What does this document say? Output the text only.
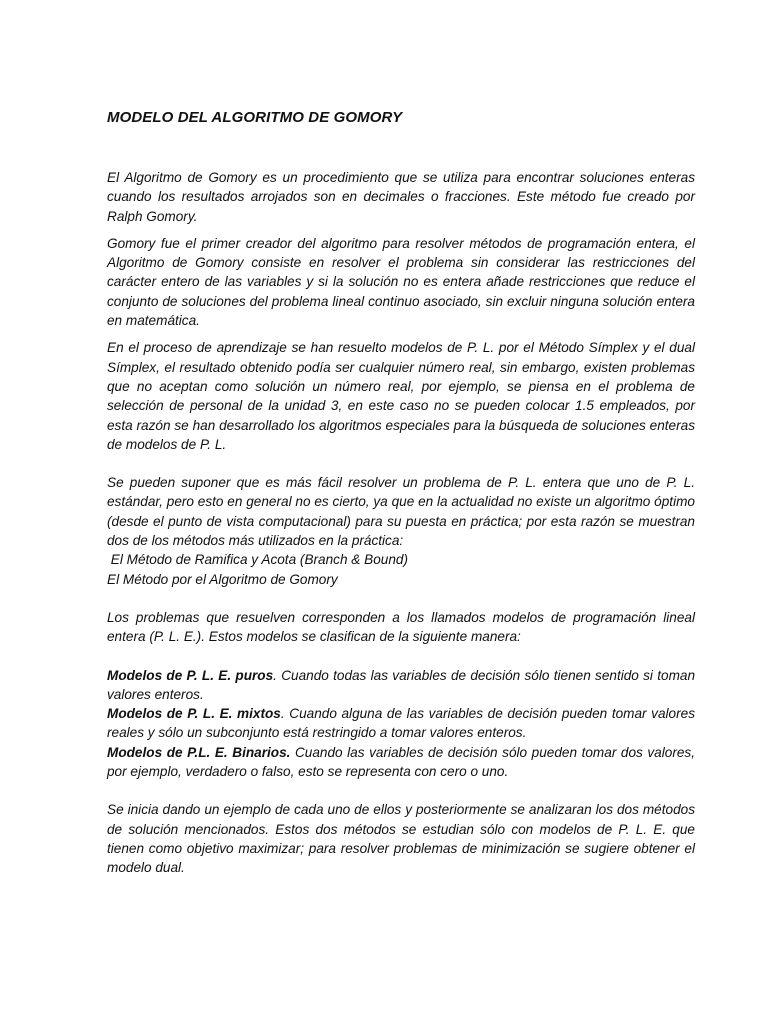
MODELO DEL ALGORITMO DE GOMORY

El Algoritmo de Gomory es un procedimiento que se utiliza para encontrar soluciones enteras cuando los resultados arrojados son en decimales o fracciones. Este método fue creado por Ralph Gomory.

Gomory fue el primer creador del algoritmo para resolver métodos de programación entera, el Algoritmo de Gomory consiste en resolver el problema sin considerar las restricciones del carácter entero de las variables y si la solución no es entera añade restricciones que reduce el conjunto de soluciones del problema lineal continuo asociado, sin excluir ninguna solución entera en matemática.

En el proceso de aprendizaje se han resuelto modelos de P. L. por el Método Símplex y el dual Símplex, el resultado obtenido podía ser cualquier número real, sin embargo, existen problemas que no aceptan como solución un número real, por ejemplo, se piensa en el problema de selección de personal de la unidad 3, en este caso no se pueden colocar 1.5 empleados, por esta razón se han desarrollado los algoritmos especiales para la búsqueda de soluciones enteras de modelos de P. L.

Se pueden suponer que es más fácil resolver un problema de P. L. entera que uno de P. L. estándar, pero esto en general no es cierto, ya que en la actualidad no existe un algoritmo óptimo (desde el punto de vista computacional) para su puesta en práctica; por esta razón se muestran dos de los métodos más utilizados en la práctica:
El Método de Ramifica y Acota (Branch & Bound)
El Método por el Algoritmo de Gomory

Los problemas que resuelven corresponden a los llamados modelos de programación lineal entera (P. L. E.). Estos modelos se clasifican de la siguiente manera:

Modelos de P. L. E. puros. Cuando todas las variables de decisión sólo tienen sentido si toman valores enteros.
Modelos de P. L. E. mixtos. Cuando alguna de las variables de decisión pueden tomar valores reales y sólo un subconjunto está restringido a tomar valores enteros.
Modelos de P.L. E. Binarios. Cuando las variables de decisión sólo pueden tomar dos valores, por ejemplo, verdadero o falso, esto se representa con cero o uno.

Se inicia dando un ejemplo de cada uno de ellos y posteriormente se analizaran los dos métodos de solución mencionados. Estos dos métodos se estudian sólo con modelos de P. L. E. que tienen como objetivo maximizar; para resolver problemas de minimización se sugiere obtener el modelo dual.
